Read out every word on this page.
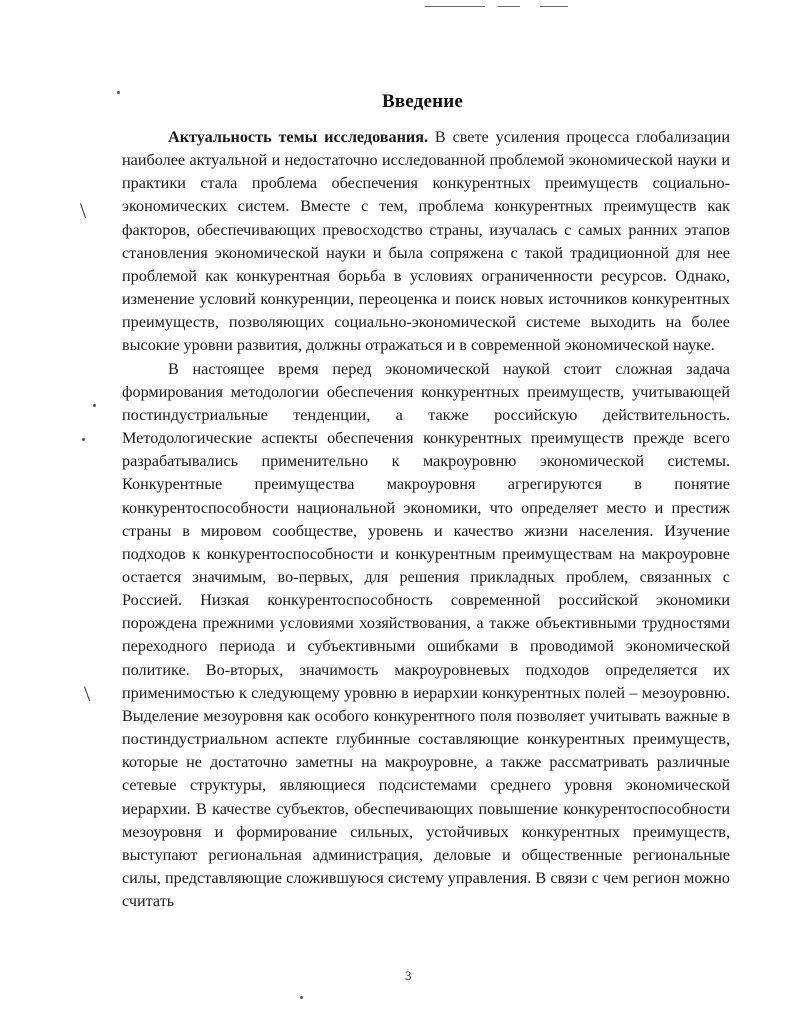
\
\
Введение

Актуальность темы исследования. В свете усиления процесса глобализации наиболее актуальной и недостаточно исследованной проблемой экономической науки и практики стала проблема обеспечения конкурентных преимуществ социально-экономических систем. Вместе с тем, проблема конкурентных преимуществ как факторов, обеспечивающих превосходство страны, изучалась с самых ранних этапов становления экономической науки и была сопряжена с такой традиционной для нее проблемой как конкурентная борьба в условиях ограниченности ресурсов. Однако, изменение условий конкуренции, переоценка и поиск новых источников конкурентных преимуществ, позволяющих социально-экономической системе выходить на более высокие уровни развития, должны отражаться и в современной экономической науке.

В настоящее время перед экономической наукой стоит сложная задача формирования методологии обеспечения конкурентных преимуществ, учитывающей постиндустриальные тенденции, а также российскую действительность. Методологические аспекты обеспечения конкурентных преимуществ прежде всего разрабатывались применительно к макроуровню экономической системы. Конкурентные преимущества макроуровня агрегируются в понятие конкурентоспособности национальной экономики, что определяет место и престиж страны в мировом сообществе, уровень и качество жизни населения. Изучение подходов к конкурентоспособности и конкурентным преимуществам на макроуровне остается значимым, во-первых, для решения прикладных проблем, связанных с Россией. Низкая конкурентоспособность современной российской экономики порождена прежними условиями хозяйствования, а также объективными трудностями переходного периода и субъективными ошибками в проводимой экономической политике. Во-вторых, значимость макроуровневых подходов определяется их применимостью к следующему уровню в иерархии конкурентных полей – мезоуровню. Выделение мезоуровня как особого конкурентного поля позволяет учитывать важные в постиндустриальном аспекте глубинные составляющие конкурентных преимуществ, которые не достаточно заметны на макроуровне, а также рассматривать различные сетевые структуры, являющиеся подсистемами среднего уровня экономической иерархии. В качестве субъектов, обеспечивающих повышение конкурентоспособности мезоуровня и формирование сильных, устойчивых конкурентных преимуществ, выступают региональная администрация, деловые и общественные региональные силы, представляющие сложившуюся систему управления. В связи с чем регион можно считать

3
